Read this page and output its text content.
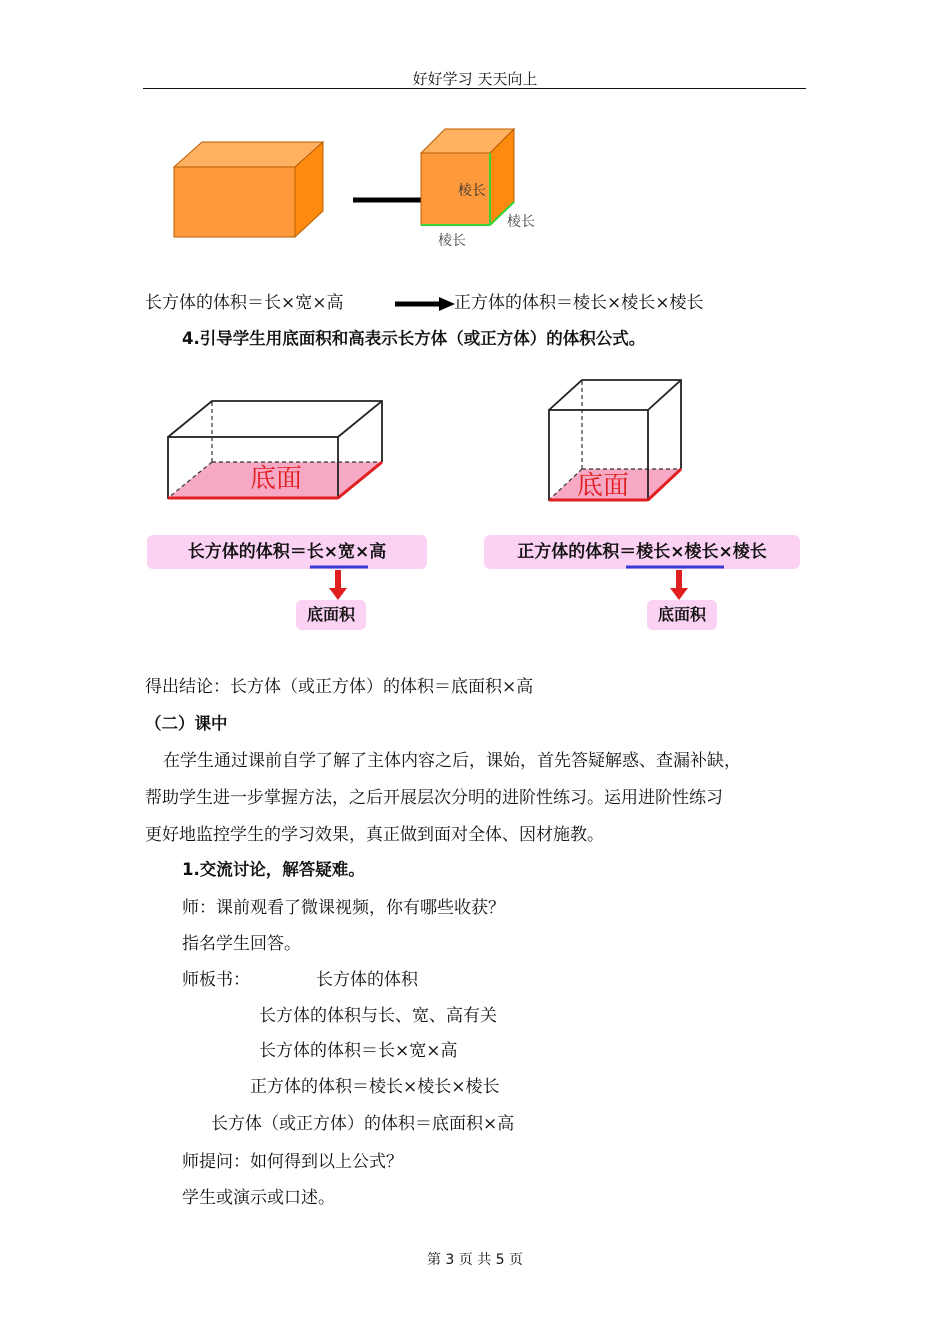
好好学习 天天向上
棱长
棱长
棱长
长方体的体积＝长×宽×高	正方体的体积＝棱长×棱长×棱长
4.引导学生用底面积和高表示长方体（或正方体）的体积公式。
底面	底面
长方体的体积＝长×宽×高	正方体的体积＝棱长×棱长×棱长
底面积	底面积
得出结论：长方体（或正方体）的体积＝底面积×高
（二）课中
在学生通过课前自学了解了主体内容之后，课始，首先答疑解惑、查漏补缺，
帮助学生进一步掌握方法，之后开展层次分明的进阶性练习。运用进阶性练习
更好地监控学生的学习效果，真正做到面对全体、因材施教。
1.交流讨论，解答疑难。
师：课前观看了微课视频，你有哪些收获？
指名学生回答。
师板书：	长方体的体积
长方体的体积与长、宽、高有关
长方体的体积＝长×宽×高
正方体的体积＝棱长×棱长×棱长
长方体（或正方体）的体积＝底面积×高
师提问：如何得到以上公式？
学生或演示或口述。
第 3 页 共 5 页
